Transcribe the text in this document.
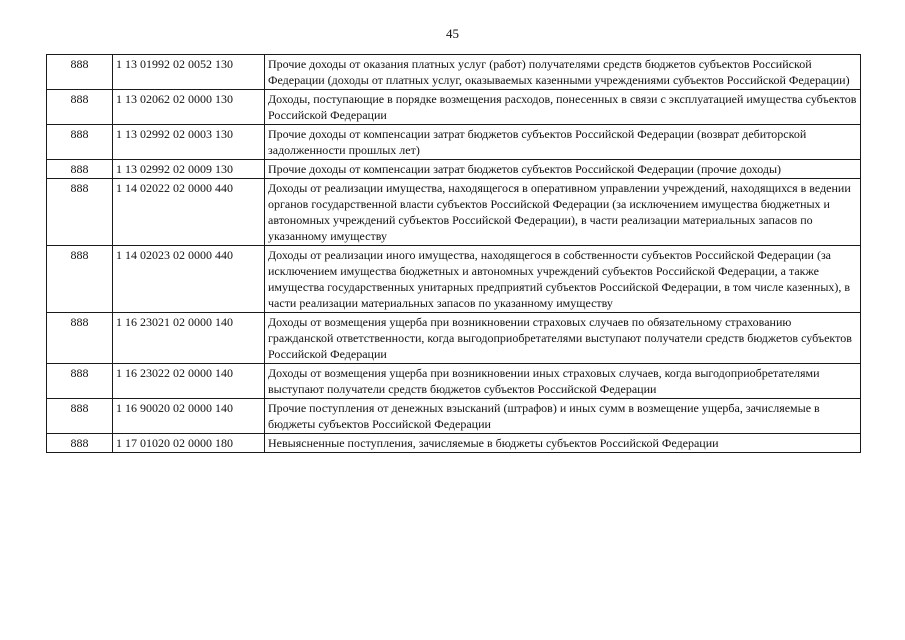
45
888	1 13 01992 02 0052 130	Прочие доходы от оказания платных услуг (работ) получателями средств бюджетов субъектов Российской Федерации (доходы от платных услуг, оказываемых казенными учреждениями субъектов Российской Федерации)
888	1 13 02062 02 0000 130	Доходы, поступающие в порядке возмещения расходов, понесенных в связи с эксплуатацией имущества субъектов Российской Федерации
888	1 13 02992 02 0003 130	Прочие доходы от компенсации затрат бюджетов субъектов Российской Федерации (возврат дебиторской задолженности прошлых лет)
888	1 13 02992 02 0009 130	Прочие доходы от компенсации затрат бюджетов субъектов Российской Федерации (прочие доходы)
888	1 14 02022 02 0000 440	Доходы от реализации имущества, находящегося в оперативном управлении учреждений, находящихся в ведении органов государственной власти субъектов Российской Федерации (за исключением имущества бюджетных и автономных учреждений субъектов Российской Федерации), в части реализации материальных запасов по указанному имуществу
888	1 14 02023 02 0000 440	Доходы от реализации иного имущества, находящегося в собственности субъектов Российской Федерации (за исключением имущества бюджетных и автономных учреждений субъектов Российской Федерации, а также имущества государственных унитарных предприятий субъектов Российской Федерации, в том числе казенных), в части реализации материальных запасов по указанному имуществу
888	1 16 23021 02 0000 140	Доходы от возмещения ущерба при возникновении страховых случаев по обязательному страхованию гражданской ответственности, когда выгодоприобретателями выступают получатели средств бюджетов субъектов Российской Федерации
888	1 16 23022 02 0000 140	Доходы от возмещения ущерба при возникновении иных страховых случаев, когда выгодоприобретателями выступают получатели средств бюджетов субъектов Российской Федерации
888	1 16 90020 02 0000 140	Прочие поступления от денежных взысканий (штрафов) и иных сумм в возмещение ущерба, зачисляемые в бюджеты субъектов Российской Федерации
888	1 17 01020 02 0000 180	Невыясненные поступления, зачисляемые в бюджеты субъектов Российской Федерации
